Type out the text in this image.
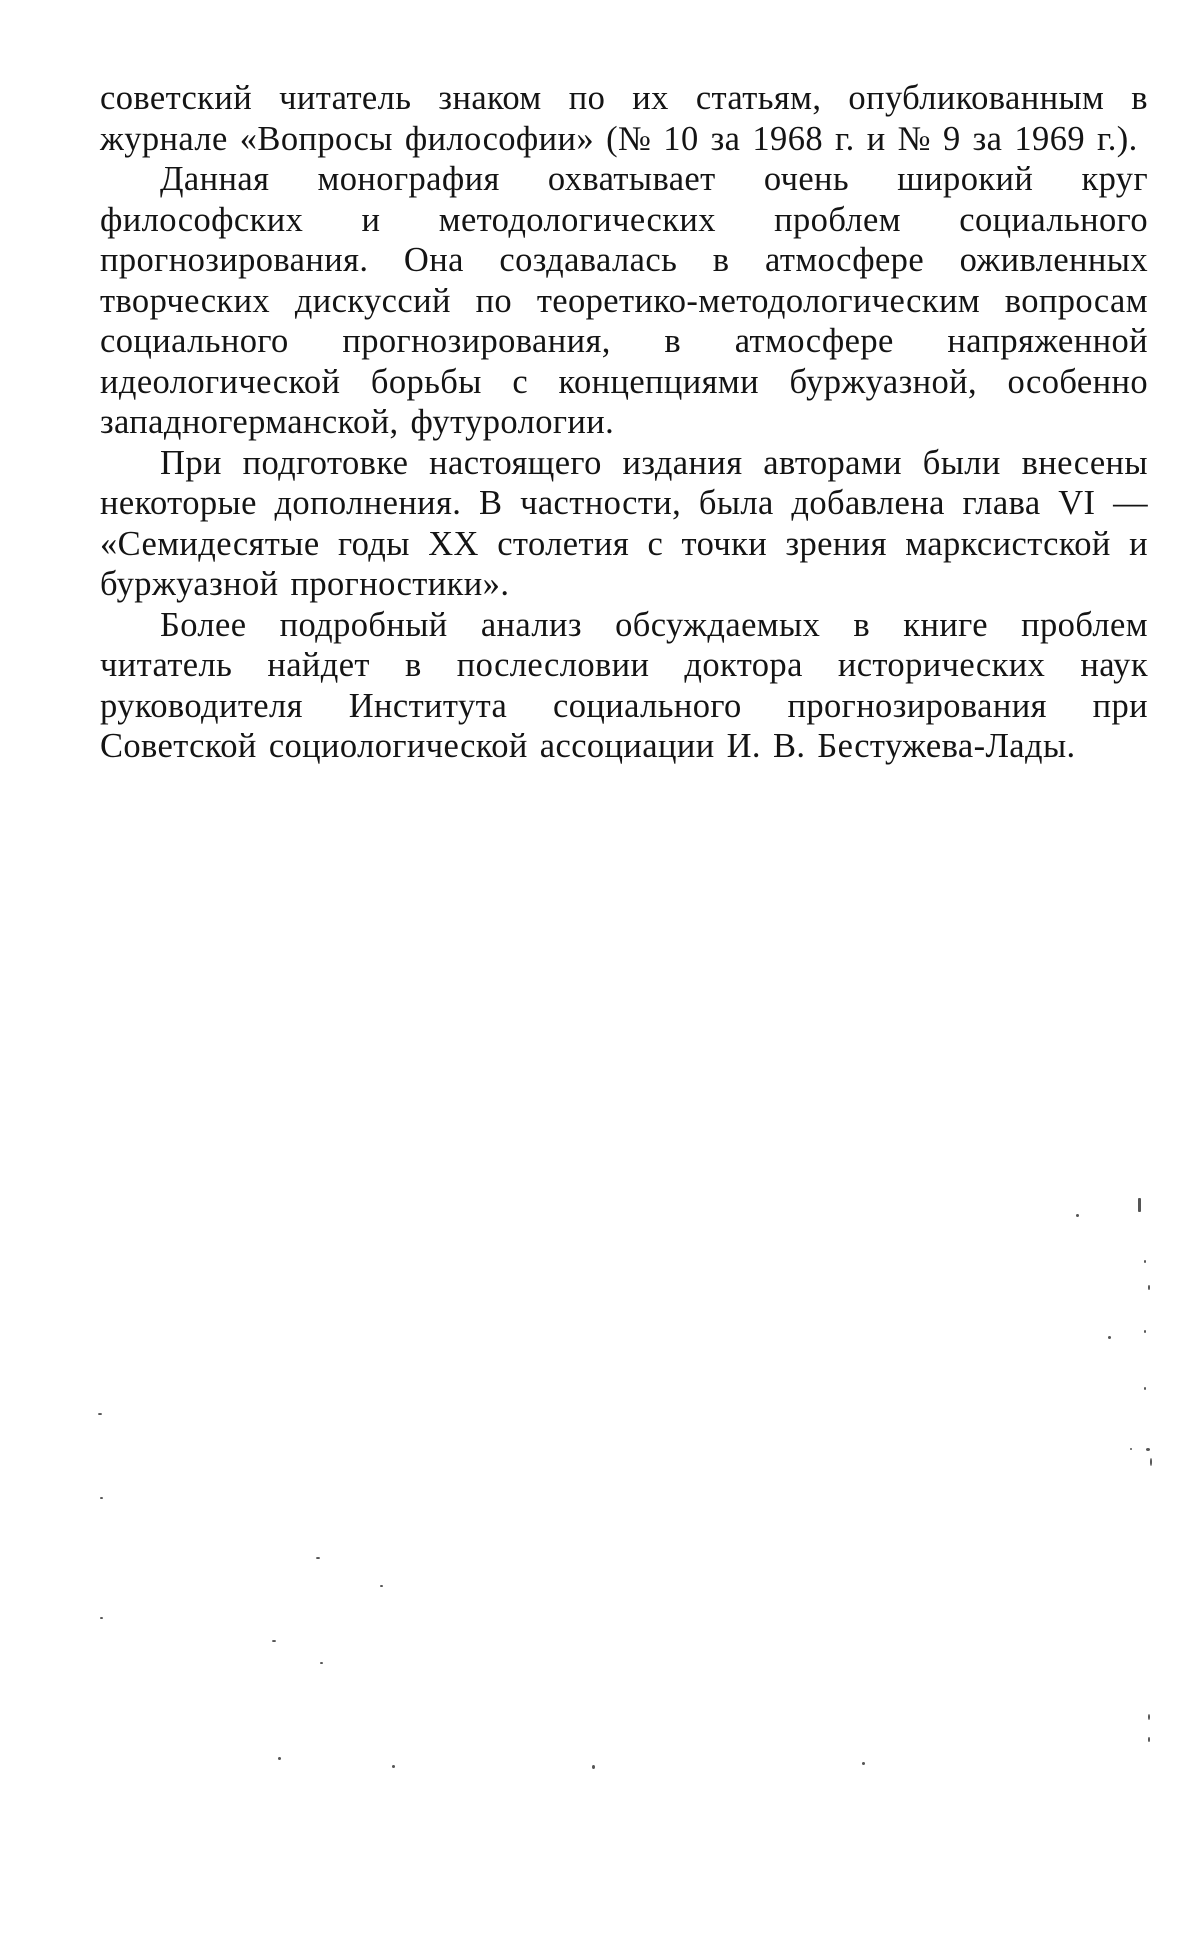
советский читатель знаком по их статьям, опубликованным в журнале «Вопросы философии» (№ 10 за 1968 г. и № 9 за 1969 г.).

Данная монография охватывает очень широкий круг философских и методологических проблем социального прогнозирования. Она создавалась в атмосфере оживленных творческих дискуссий по теоретико-методологическим вопросам социального прогнозирования, в атмосфере напряженной идеологической борьбы с концепциями буржуазной, особенно западногерманской, футурологии.

При подготовке настоящего издания авторами были внесены некоторые дополнения. В частности, была добавлена глава VI — «Семидесятые годы XX столетия с точки зрения марксистской и буржуазной прогностики».

Более подробный анализ обсуждаемых в книге проблем читатель найдет в послесловии доктора исторических наук руководителя Института социального прогнозирования при Советской социологической ассоциации И. В. Бестужева-Лады.
